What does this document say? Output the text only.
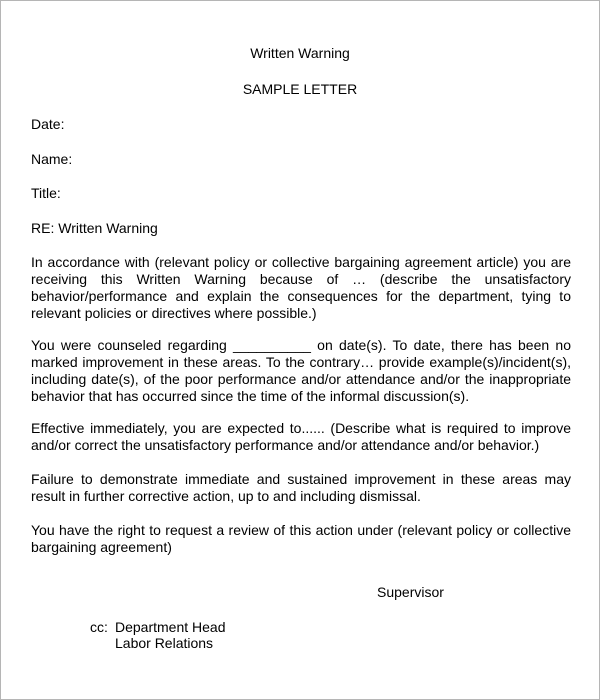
Written Warning

SAMPLE LETTER

Date:

Name:

Title:

RE: Written Warning

In accordance with (relevant policy or collective bargaining agreement article) you are
receiving this Written Warning because of … (describe the unsatisfactory
behavior/performance and explain the consequences for the department, tying to
relevant policies or directives where possible.)
You were counseled regarding __________ on date(s). To date, there has been no
marked improvement in these areas. To the contrary… provide example(s)/incident(s),
including date(s), of the poor performance and/or attendance and/or the inappropriate
behavior that has occurred since the time of the informal discussion(s).
Effective immediately, you are expected to...... (Describe what is required to improve
and/or correct the unsatisfactory performance and/or attendance and/or behavior.)
Failure to demonstrate immediate and sustained improvement in these areas may
result in further corrective action, up to and including dismissal.
You have the right to request a review of this action under (relevant policy or collective
bargaining agreement)

Supervisor

cc: Department Head

Labor Relations
